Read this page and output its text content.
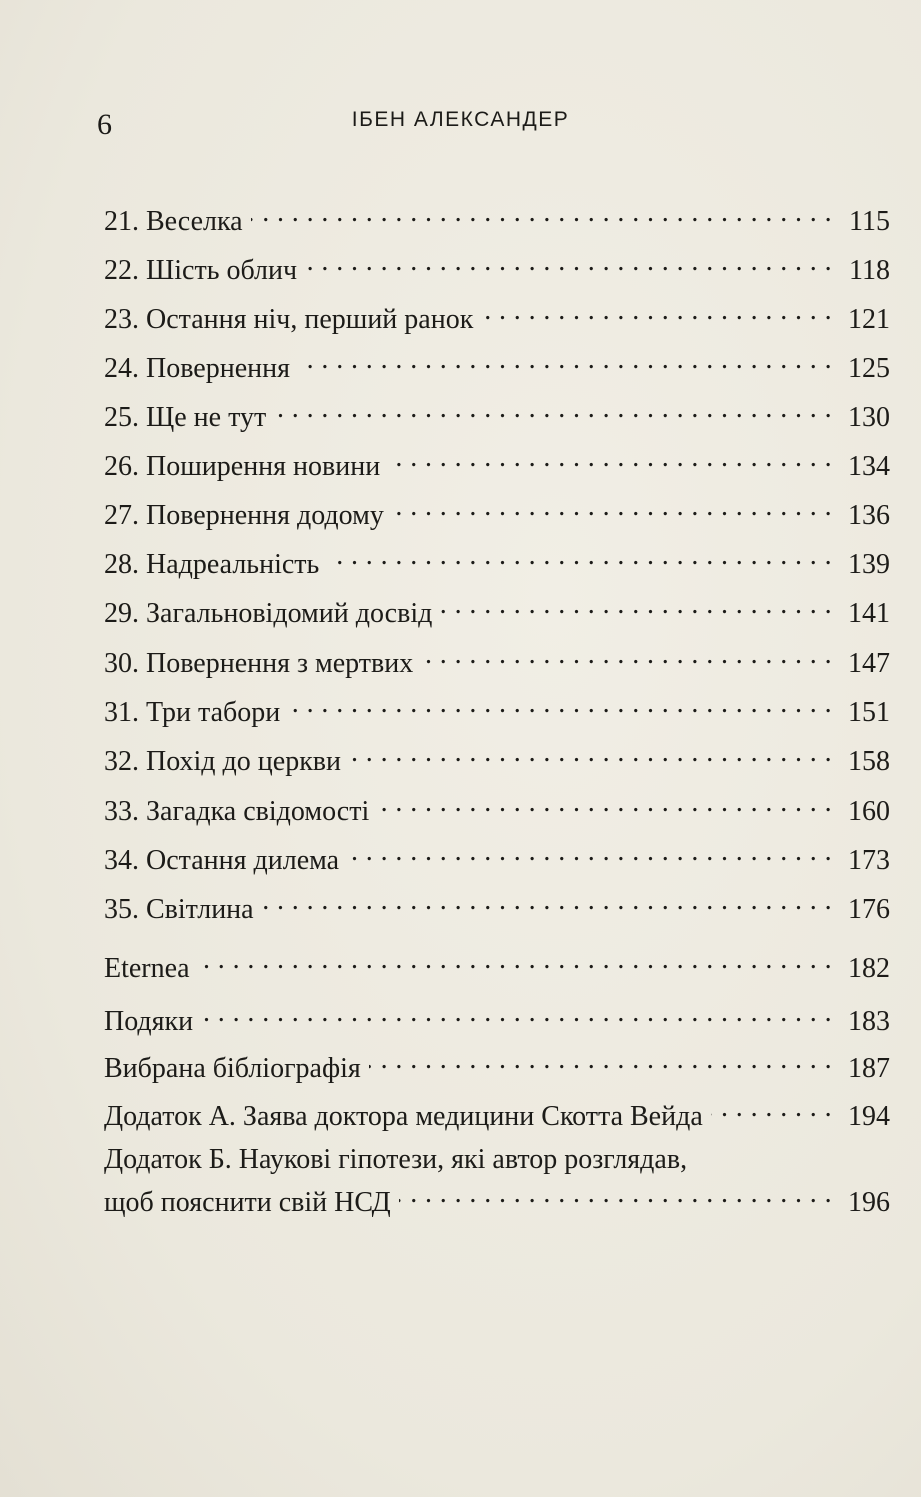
6	ІБЕН АЛЕКСАНДЕР
21. Веселка . . .	115
22. Шість облич . . .	118
23. Остання ніч, перший ранок . . .	121
24. Повернення . . .	125
25. Ще не тут . . .	130
26. Поширення новини . . .	134
27. Повернення додому . . .	136
28. Надреальність . . .	139
29. Загальновідомий досвід . . .	141
30. Повернення з мертвих . . .	147
31. Три табори . . .	151
32. Похід до церкви . . .	158
33. Загадка свідомості . . .	160
34. Остання дилема . . .	173
35. Світлина . . .	176
Eternea . . .	182
Подяки . . .	183
Вибрана бібліографія . . .	187
Додаток А. Заява доктора медицини Скотта Вейда . . .	194
Додаток Б. Наукові гіпотези, які автор розглядав,
щоб пояснити свій НСД . . .	196
